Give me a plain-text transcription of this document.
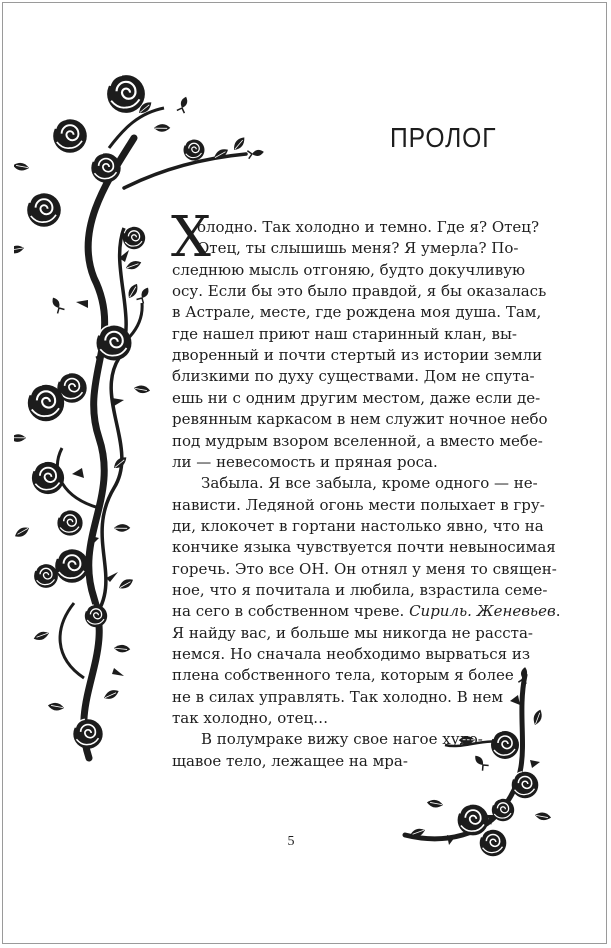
ПРОЛОГ
Х
олодно. Так холодно и темно. Где я? Отец?
Отец, ты слышишь меня? Я умерла? По-
следнюю мысль отгоняю, будто докучливую
осу. Если бы это было правдой, я бы оказалась
в Астрале, месте, где рождена моя душа. Там,
где нашел приют наш старинный клан, вы-
дворенный и почти стертый из истории земли
близкими по духу существами. Дом не спута-
ешь ни с одним другим местом, даже если де-
ревянным каркасом в нем служит ночное небо
под мудрым взором вселенной, а вместо мебе-
ли — невесомость и пряная роса.
Забыла. Я все забыла, кроме одного — не-
нависти. Ледяной огонь мести полыхает в гру-
ди, клокочет в гортани настолько явно, что на
кончике языка чувствуется почти невыносимая
горечь. Это все ОН. Он отнял у меня то священ-
ное, что я почитала и любила, взрастила семе-
на сего в собственном чреве. Сириль. Женевьев.
Я найду вас, и больше мы никогда не расста-
немся. Но сначала необходимо вырваться из
плена собственного тела, которым я более
не в силах управлять. Так холодно. В нем
так холодно, отец…
В полумраке вижу свое нагое худо-
щавое тело, лежащее на мра-
5
